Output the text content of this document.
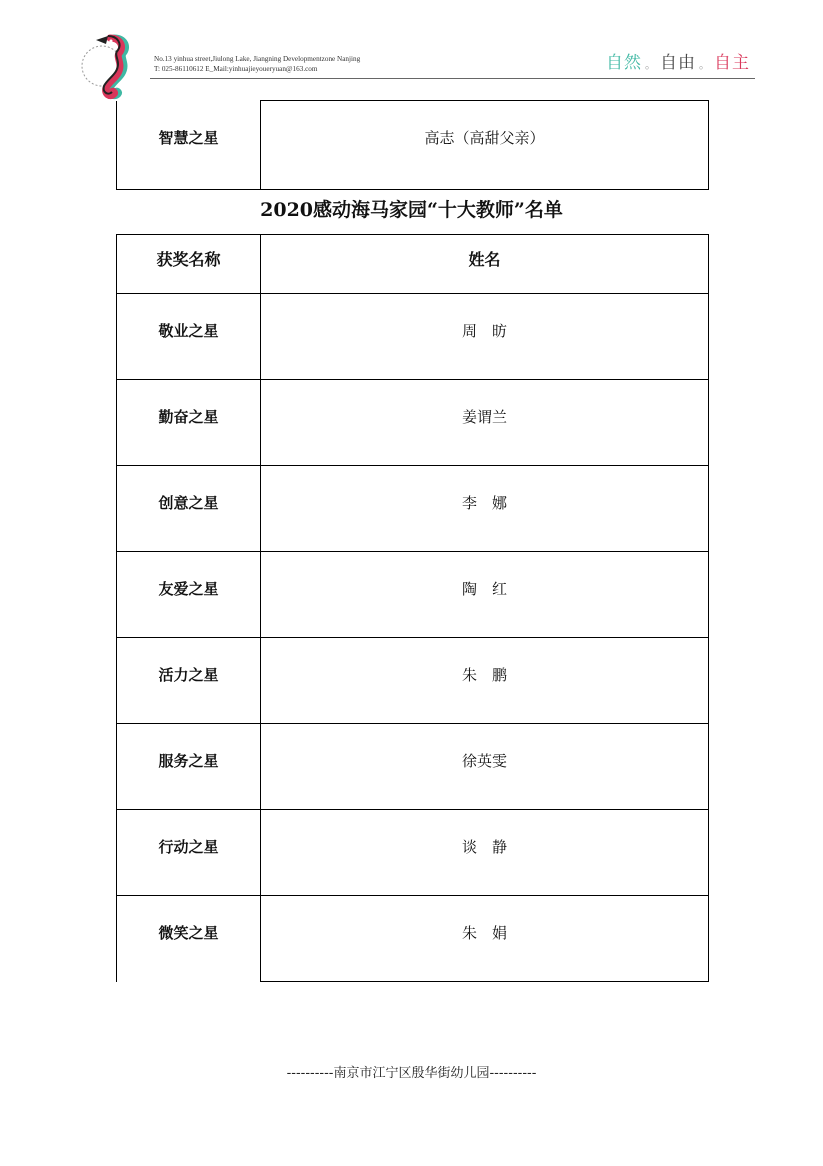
No.13 yinhua street,Jiulong Lake, Jiangning Developmentzone Nanjing
T: 025-86110612 E_Mail:yinhuajieyoueryuan@163.com	自然 。 自由 。 自主
智慧之星	高志（高甜父亲）
2020感动海马家园“十大教师”名单
获奖名称	姓名

敬业之星	周　昉

勤奋之星	姜谓兰

创意之星	李　娜

友爱之星	陶　红

活力之星	朱　鹏

服务之星	徐英雯

行动之星	谈　静

微笑之星	朱　娟
----------南京市江宁区殷华街幼儿园----------
